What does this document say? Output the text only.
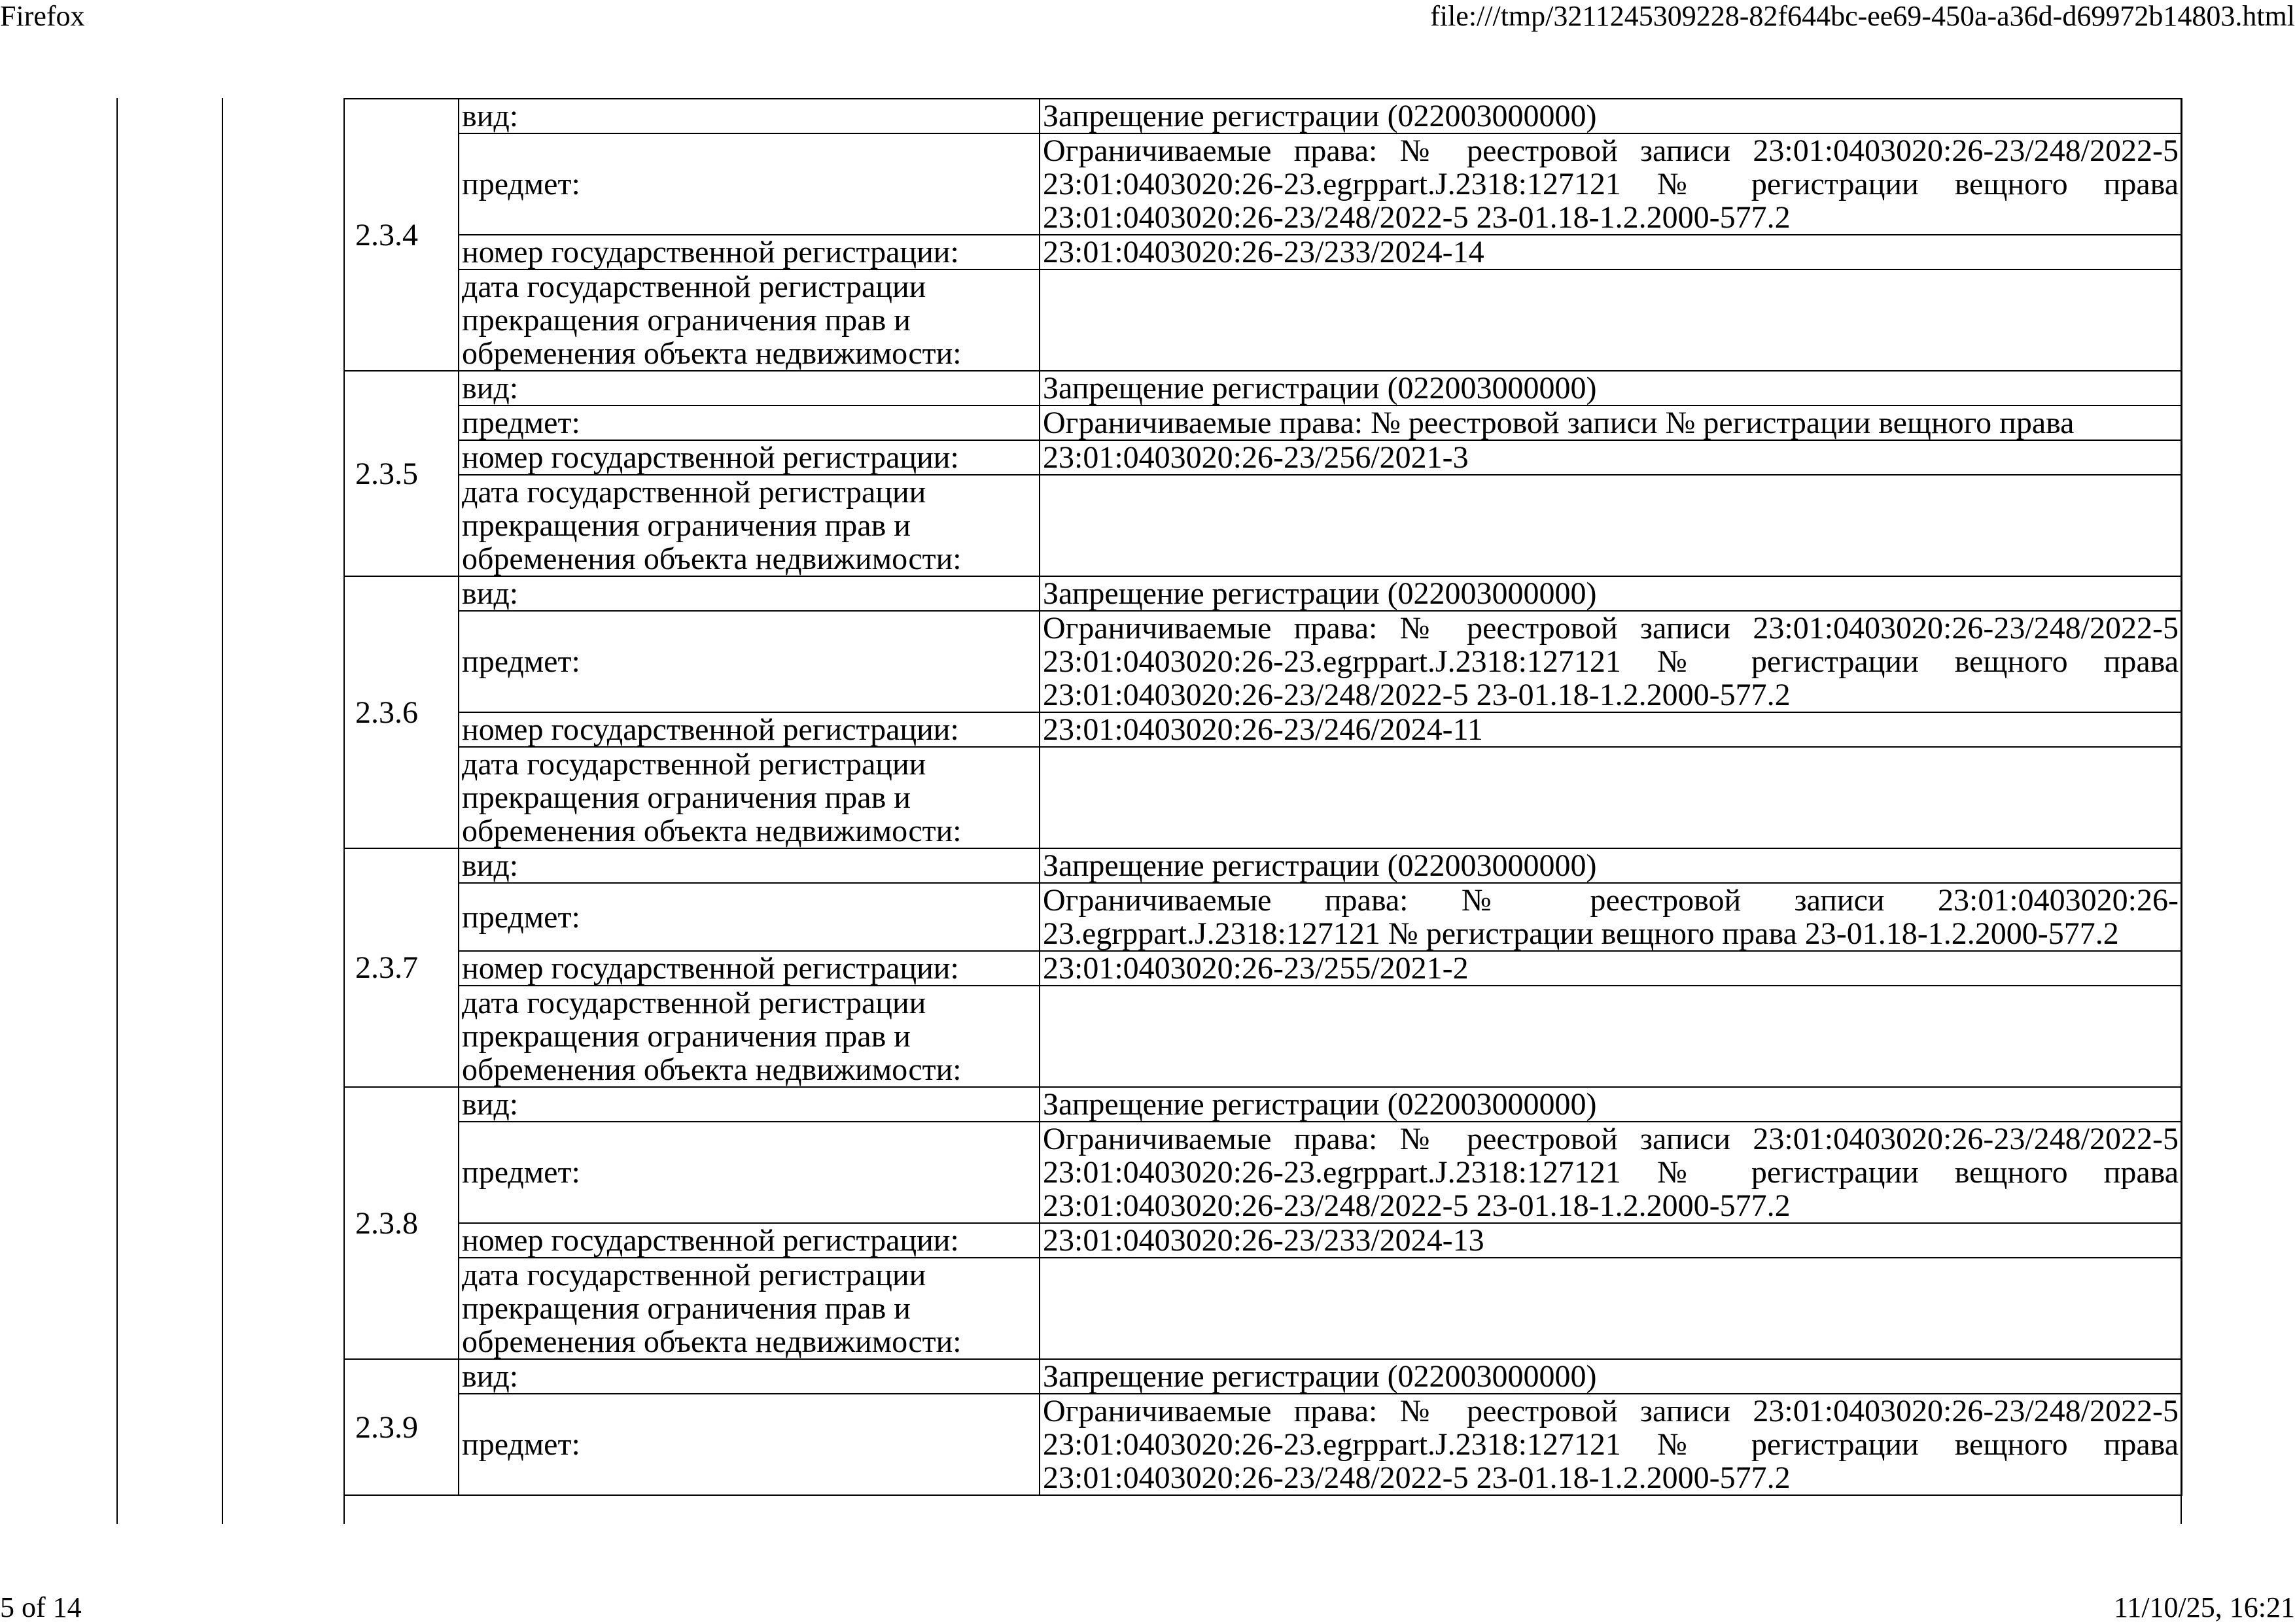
Firefox	file:///tmp/3211245309228-82f644bc-ee69-450a-a36d-d69972b14803.html
2.3.4	вид:	Запрещение регистрации (022003000000)
	предмет:	Ограничиваемые права: № реестровой записи 23:01:0403020:26-23/248/2022-5 23:01:0403020:26-23.egrppart.J.2318:127121 № регистрации вещного права 23:01:0403020:26-23/248/2022-5 23-01.18-1.2.2000-577.2
	номер государственной регистрации:	23:01:0403020:26-23/233/2024-14

	дата государственной регистрации
прекращения ограничения прав и
обременения объекта недвижимости:	

2.3.5	вид:	Запрещение регистрации (022003000000)
	предмет:	Ограничиваемые права: № реестровой записи № регистрации вещного права
	номер государственной регистрации:	23:01:0403020:26-23/256/2021-3

	дата государственной регистрации
прекращения ограничения прав и
обременения объекта недвижимости:	

2.3.6	вид:	Запрещение регистрации (022003000000)
	предмет:	Ограничиваемые права: № реестровой записи 23:01:0403020:26-23/248/2022-5 23:01:0403020:26-23.egrppart.J.2318:127121 № регистрации вещного права 23:01:0403020:26-23/248/2022-5 23-01.18-1.2.2000-577.2
	номер государственной регистрации:	23:01:0403020:26-23/246/2024-11

	дата государственной регистрации
прекращения ограничения прав и
обременения объекта недвижимости:	

2.3.7	вид:	Запрещение регистрации (022003000000)
	предмет:	Ограничиваемые права: № реестровой записи 23:01:0403020:26-23.egrppart.J.2318:127121 № регистрации вещного права 23-01.18-1.2.2000-577.2
	номер государственной регистрации:	23:01:0403020:26-23/255/2021-2

	дата государственной регистрации
прекращения ограничения прав и
обременения объекта недвижимости:	

2.3.8	вид:	Запрещение регистрации (022003000000)
	предмет:	Ограничиваемые права: № реестровой записи 23:01:0403020:26-23/248/2022-5 23:01:0403020:26-23.egrppart.J.2318:127121 № регистрации вещного права 23:01:0403020:26-23/248/2022-5 23-01.18-1.2.2000-577.2
	номер государственной регистрации:	23:01:0403020:26-23/233/2024-13

	дата государственной регистрации
прекращения ограничения прав и
обременения объекта недвижимости:	

2.3.9	вид:	Запрещение регистрации (022003000000)
	предмет:	Ограничиваемые права: № реестровой записи 23:01:0403020:26-23/248/2022-5 23:01:0403020:26-23.egrppart.J.2318:127121 № регистрации вещного права 23:01:0403020:26-23/248/2022-5 23-01.18-1.2.2000-577.2
5 of 14	11/10/25, 16:21
